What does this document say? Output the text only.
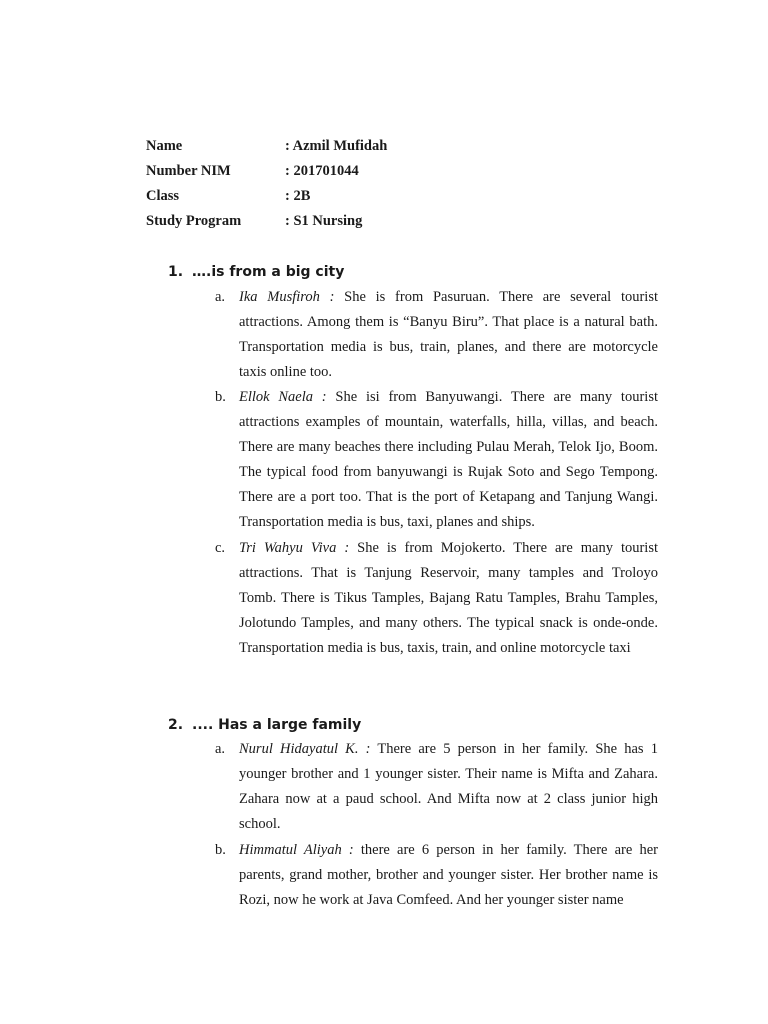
Name	: Azmil Mufidah
Number NIM	: 201701044
Class	: 2B
Study Program	: S1 Nursing
1. ….is from a big city
a. Ika Musfiroh : She is from Pasuruan. There are several tourist attractions. Among them is “Banyu Biru”. That place is a natural bath. Transportation media is bus, train, planes, and there are motorcycle taxis online too.
b. Ellok Naela : She isi from Banyuwangi. There are many tourist attractions examples of mountain, waterfalls, hilla, villas, and beach. There are many beaches there including Pulau Merah, Telok Ijo, Boom. The typical food from banyuwangi is Rujak Soto and Sego Tempong. There are a port too. That is the port of Ketapang and Tanjung Wangi. Transportation media is bus, taxi, planes and ships.
c. Tri Wahyu Viva : She is from Mojokerto. There are many tourist attractions. That is Tanjung Reservoir, many tamples and Troloyo Tomb. There is Tikus Tamples, Bajang Ratu Tamples, Brahu Tamples, Jolotundo Tamples, and many others. The typical snack is onde-onde. Transportation media is bus, taxis, train, and online motorcycle taxi
2. .... Has a large family
a. Nurul Hidayatul K. : There are 5 person in her family. She has 1 younger brother and 1 younger sister. Their name is Mifta and Zahara. Zahara now at a paud school. And Mifta now at 2 class junior high school.
b. Himmatul Aliyah : there are 6 person in her family. There are her parents, grand mother, brother and younger sister. Her brother name is Rozi, now he work at Java Comfeed. And her younger sister name
